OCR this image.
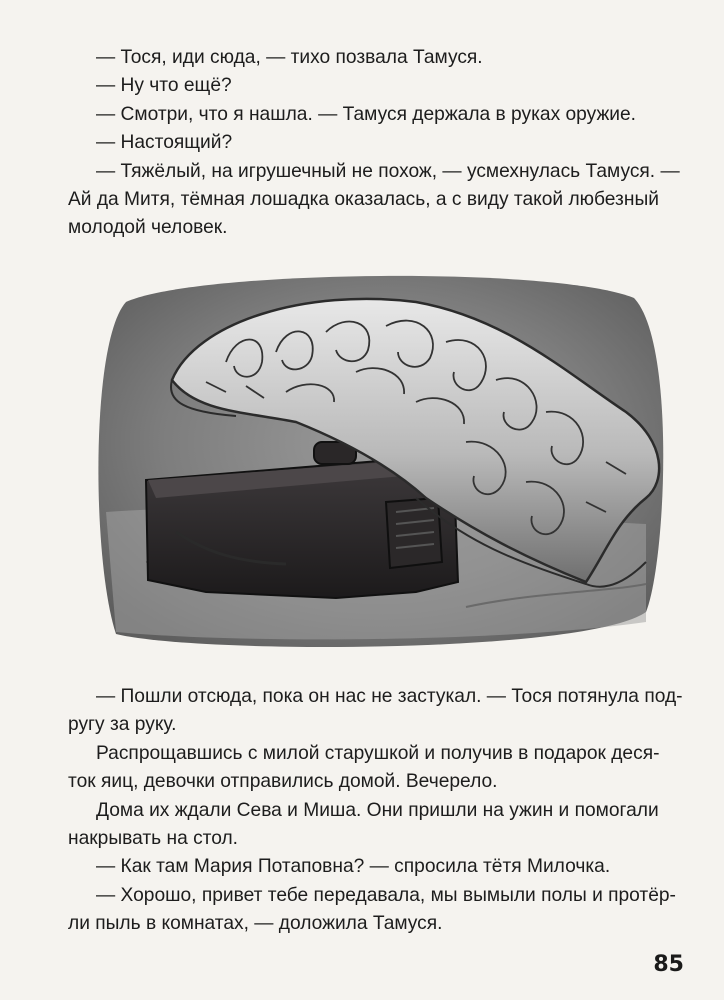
— Тося, иди сюда, — тихо позвала Тамуся.

— Ну что ещё?

— Смотри, что я нашла. — Тамуся держала в руках оружие.

— Настоящий?

— Тяжёлый, на игрушечный не похож, — усмехнулась Тамуся. —

Ай да Митя, тёмная лошадка оказалась, а с виду такой любезный

молодой человек.

— Пошли отсюда, пока он нас не застукал. — Тося потянула под-

ругу за руку.

Распрощавшись с милой старушкой и получив в подарок деся-

ток яиц, девочки отправились домой. Вечерело.

Дома их ждали Сева и Миша. Они пришли на ужин и помогали

накрывать на стол.

— Как там Мария Потаповна? — спросила тётя Милочка.

— Хорошо, привет тебе передавала, мы вымыли полы и протёр-

ли пыль в комнатах, — доложила Тамуся.

85
